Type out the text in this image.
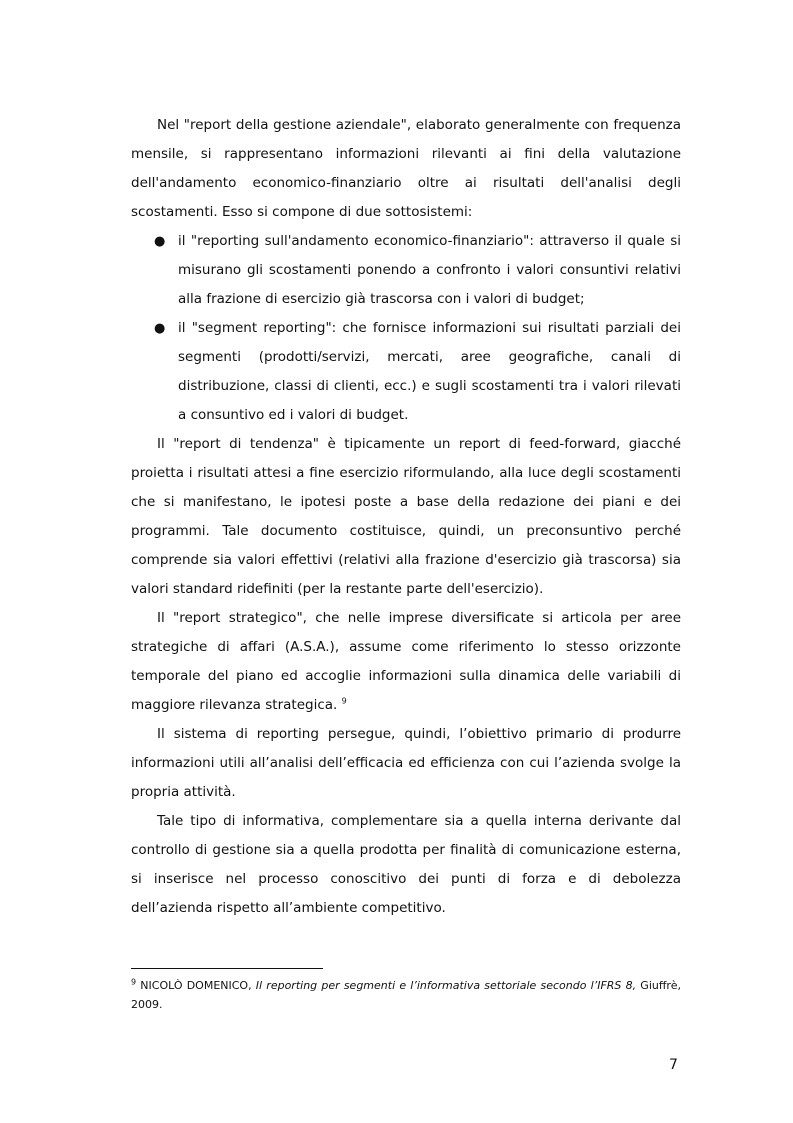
Nel "report della gestione aziendale", elaborato generalmente con frequenza mensile, si rappresentano informazioni rilevanti ai fini della valutazione dell'andamento economico-finanziario oltre ai risultati dell'analisi degli scostamenti. Esso si compone di due sottosistemi:

● il "reporting sull'andamento economico-finanziario": attraverso il quale si misurano gli scostamenti ponendo a confronto i valori consuntivi relativi alla frazione di esercizio già trascorsa con i valori di budget;
● il "segment reporting": che fornisce informazioni sui risultati parziali dei segmenti (prodotti/servizi, mercati, aree geografiche, canali di distribuzione, classi di clienti, ecc.) e sugli scostamenti tra i valori rilevati a consuntivo ed i valori di budget.

Il "report di tendenza" è tipicamente un report di feed-forward, giacché proietta i risultati attesi a fine esercizio riformulando, alla luce degli scostamenti che si manifestano, le ipotesi poste a base della redazione dei piani e dei programmi. Tale documento costituisce, quindi, un preconsuntivo perché comprende sia valori effettivi (relativi alla frazione d'esercizio già trascorsa) sia valori standard ridefiniti (per la restante parte dell'esercizio).

Il "report strategico", che nelle imprese diversificate si articola per aree strategiche di affari (A.S.A.), assume come riferimento lo stesso orizzonte temporale del piano ed accoglie informazioni sulla dinamica delle variabili di maggiore rilevanza strategica. $^9$

Il sistema di reporting persegue, quindi, l’obiettivo primario di produrre informazioni utili all’analisi dell’efficacia ed efficienza con cui l’azienda svolge la propria attività.

Tale tipo di informativa, complementare sia a quella interna derivante dal controllo di gestione sia a quella prodotta per finalità di comunicazione esterna, si inserisce nel processo conoscitivo dei punti di forza e di debolezza dell’azienda rispetto all’ambiente competitivo.

$^9$ NICOLÒ DOMENICO, Il reporting per segmenti e l’informativa settoriale secondo l’IFRS 8, Giuffrè, 2009.
7
